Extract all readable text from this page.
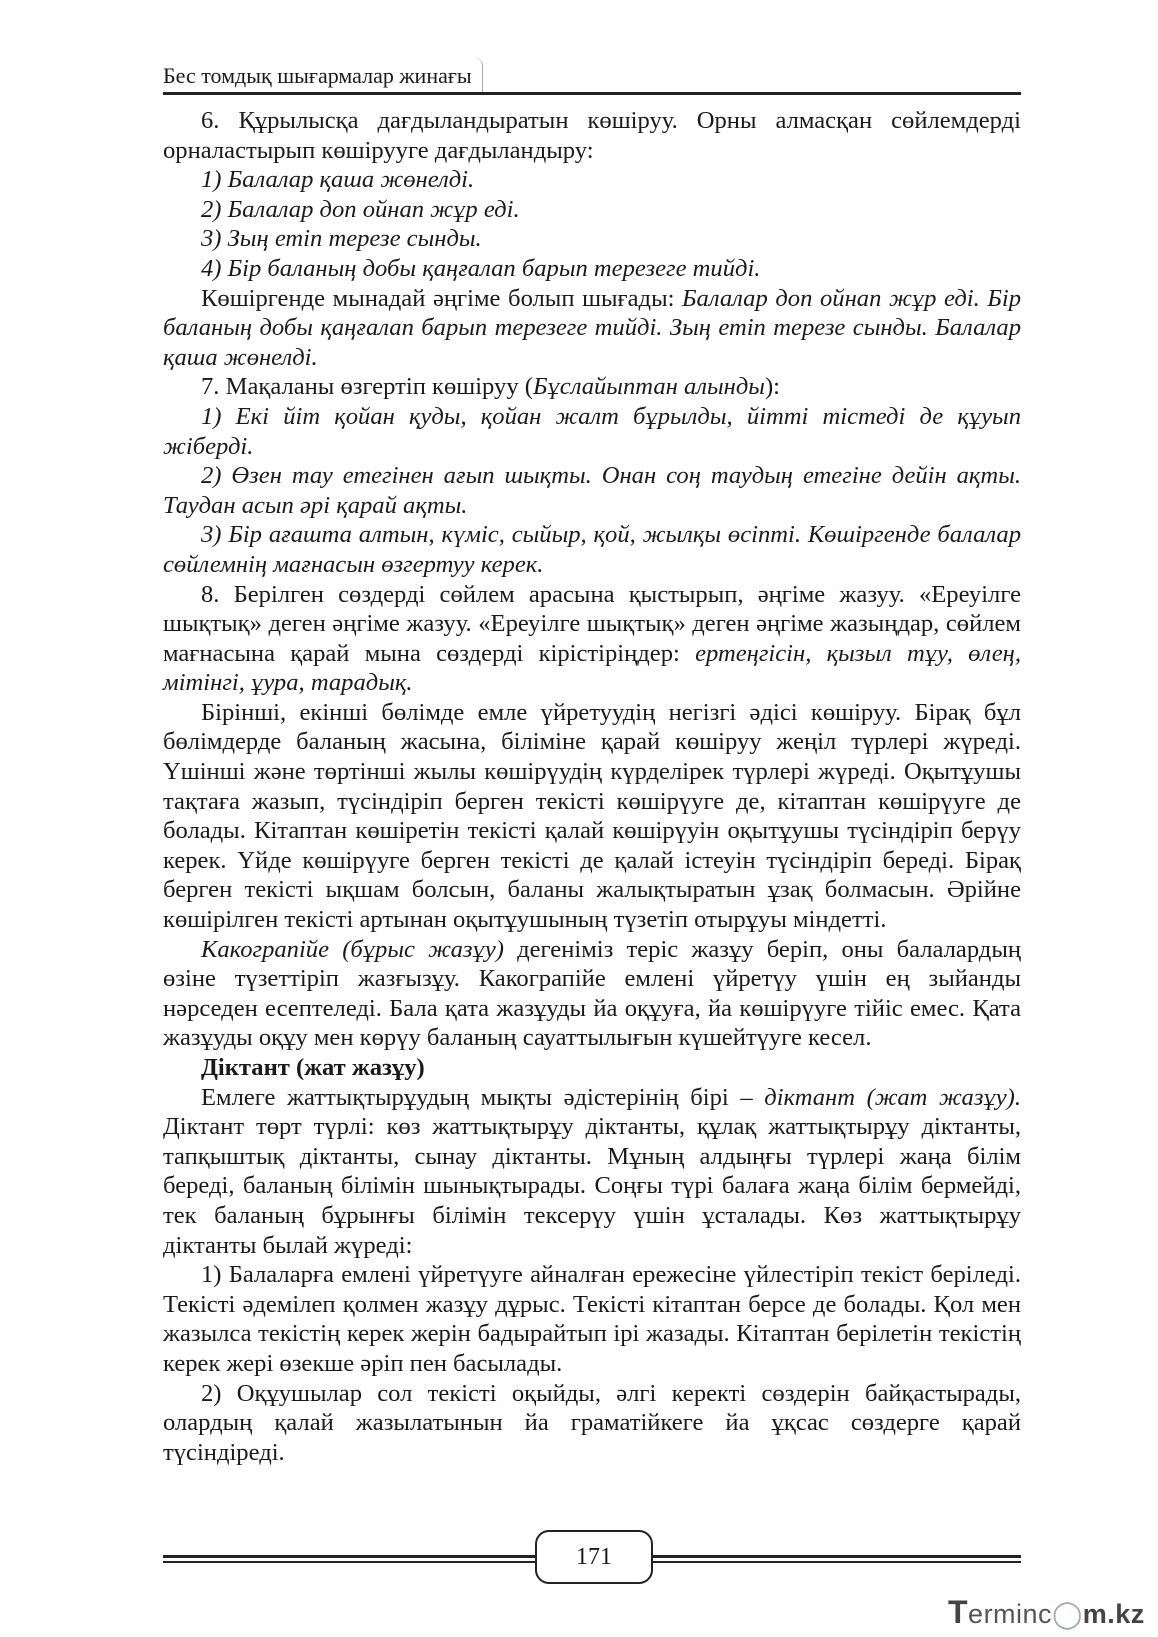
Бес томдық шығармалар жинағы

6. Құрылысқа дағдыландыратын көшіруу. Орны алмасқан сөйлемдерді орналастырып көшірууге дағдыландыру:

1) Балалар қаша жөнелді.

2) Балалар доп ойнап жұр еді.

3) Зың етіп терезе сынды.

4) Бір баланың добы қаңғалап барып терезеге тийді.

Көшіргенде мынадай әңгіме болып шығады: Балалар доп ойнап жұр еді. Бір баланың добы қаңғалап барып терезеге тийді. Зың етіп терезе сынды. Балалар қаша жөнелді.

7. Мақаланы өзгертіп көшіруу (Бұслайыптан алынды):

1) Екі йіт қойан қуды, қойан жалт бұрылды, йітті тістеді де құуып жіберді.

2) Өзен тау етегінен ағып шықты. Онан соң таудың етегіне дейін ақты. Таудан асып әрі қарай ақты.

3) Бір ағашта алтын, күміс, сыйыр, қой, жылқы өсіпті. Көшіргенде балалар сөйлемнің мағнасын өзгертуу керек.

8. Берілген сөздерді сөйлем арасына қыстырып, әңгіме жазуу. «Ереуілге шықтық» деген әңгіме жазуу. «Ереуілге шықтық» деген әңгіме жазыңдар, сөйлем мағнасына қарай мына сөздерді кірістіріңдер: ертеңгісін, қызыл тұу, өлең, мітінгі, ұура, тарадық.

Бірінші, екінші бөлімде емле үйретуудің негізгі әдісі көшіруу. Бірақ бұл бөлімдерде баланың жасына, біліміне қарай көшіруу жеңіл түрлері жүреді. Үшінші және төртінші жылы көшірүудің күрделірек түрлері жүреді. Оқытұушы тақтаға жазып, түсіндіріп берген текісті көшірүуге де, кітаптан көшірүуге де болады. Кітаптан көшіретін текісті қалай көшірүуін оқытұушы түсіндіріп берүу керек. Үйде көшірүуге берген текісті де қалай істеуін түсіндіріп береді. Бірақ берген текісті ықшам болсын, баланы жалықтыратын ұзақ болмасын. Әрійне көшірілген текісті артынан оқытұушының түзетіп отырұуы міндетті.

Какограпійе (бұрыс жазұу) дегеніміз теріс жазұу беріп, оны балалардың өзіне түзеттіріп жазғызұу. Какограпійе емлені үйретүу үшін ең зыйанды нәрседен есептеледі. Бала қата жазұуды йа оқұуға, йа көшірүуге тійіс емес. Қата жазұуды оқұу мен көрүу баланың сауаттылығын күшейтүуге кесел.

Діктант (жат жазұу)

Емлеге жаттықтырұудың мықты әдістерінің бірі – діктант (жат жазұу). Діктант төрт түрлі: көз жаттықтырұу діктанты, құлақ жаттықтырұу діктанты, тапқыштық діктанты, сынау діктанты. Мұның алдыңғы түрлері жаңа білім береді, баланың білімін шынықтырады. Соңғы түрі балаға жаңа білім бермейді, тек баланың бұрынғы білімін тексерүу үшін ұсталады. Көз жаттықтырұу діктанты былай жүреді:

1) Балаларға емлені үйретүуге айналған ережесіне үйлестіріп текіст беріледі. Текісті әдемілеп қолмен жазұу дұрыс. Текісті кітаптан берсе де болады. Қол мен жазылса текістің керек жерін бадырайтып ірі жазады. Кітаптан берілетін текістің керек жері өзекше әріп пен басылады.

2) Оқұушылар сол текісті оқыйды, әлгі керекті сөздерін байқастырады, олардың қалай жазылатынын йа граматійкеге йа ұқсас сөздерге қарай түсіндіреді.

171
Terminc◯m.kz
